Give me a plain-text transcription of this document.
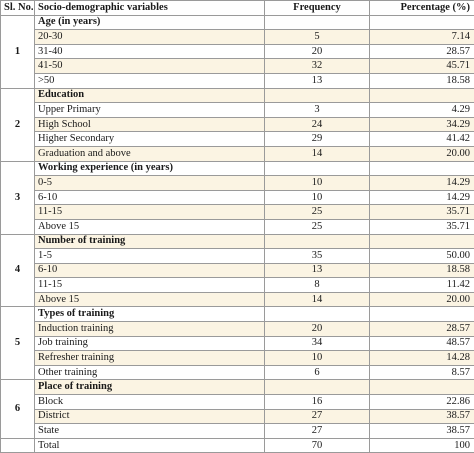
Sl. No.	Socio-demographic variables	Frequency	Percentage (%)
1	Age (in years)		
	20-30	5	7.14
	31-40	20	28.57
	41-50	32	45.71
	>50	13	18.58
2	Education		
	Upper Primary	3	4.29
	High School	24	34.29
	Higher Secondary	29	41.42
	Graduation and above	14	20.00
3	Working experience (in years)		
	0-5	10	14.29
	6-10	10	14.29
	11-15	25	35.71
	Above 15	25	35.71
4	Number of training		
	1-5	35	50.00
	6-10	13	18.58
	11-15	8	11.42
	Above 15	14	20.00
5	Types of training		
	Induction training	20	28.57
	Job training	34	48.57
	Refresher training	10	14.28
	Other training	6	8.57
6	Place of training		
	Block	16	22.86
	District	27	38.57
	State	27	38.57
	Total	70	100
